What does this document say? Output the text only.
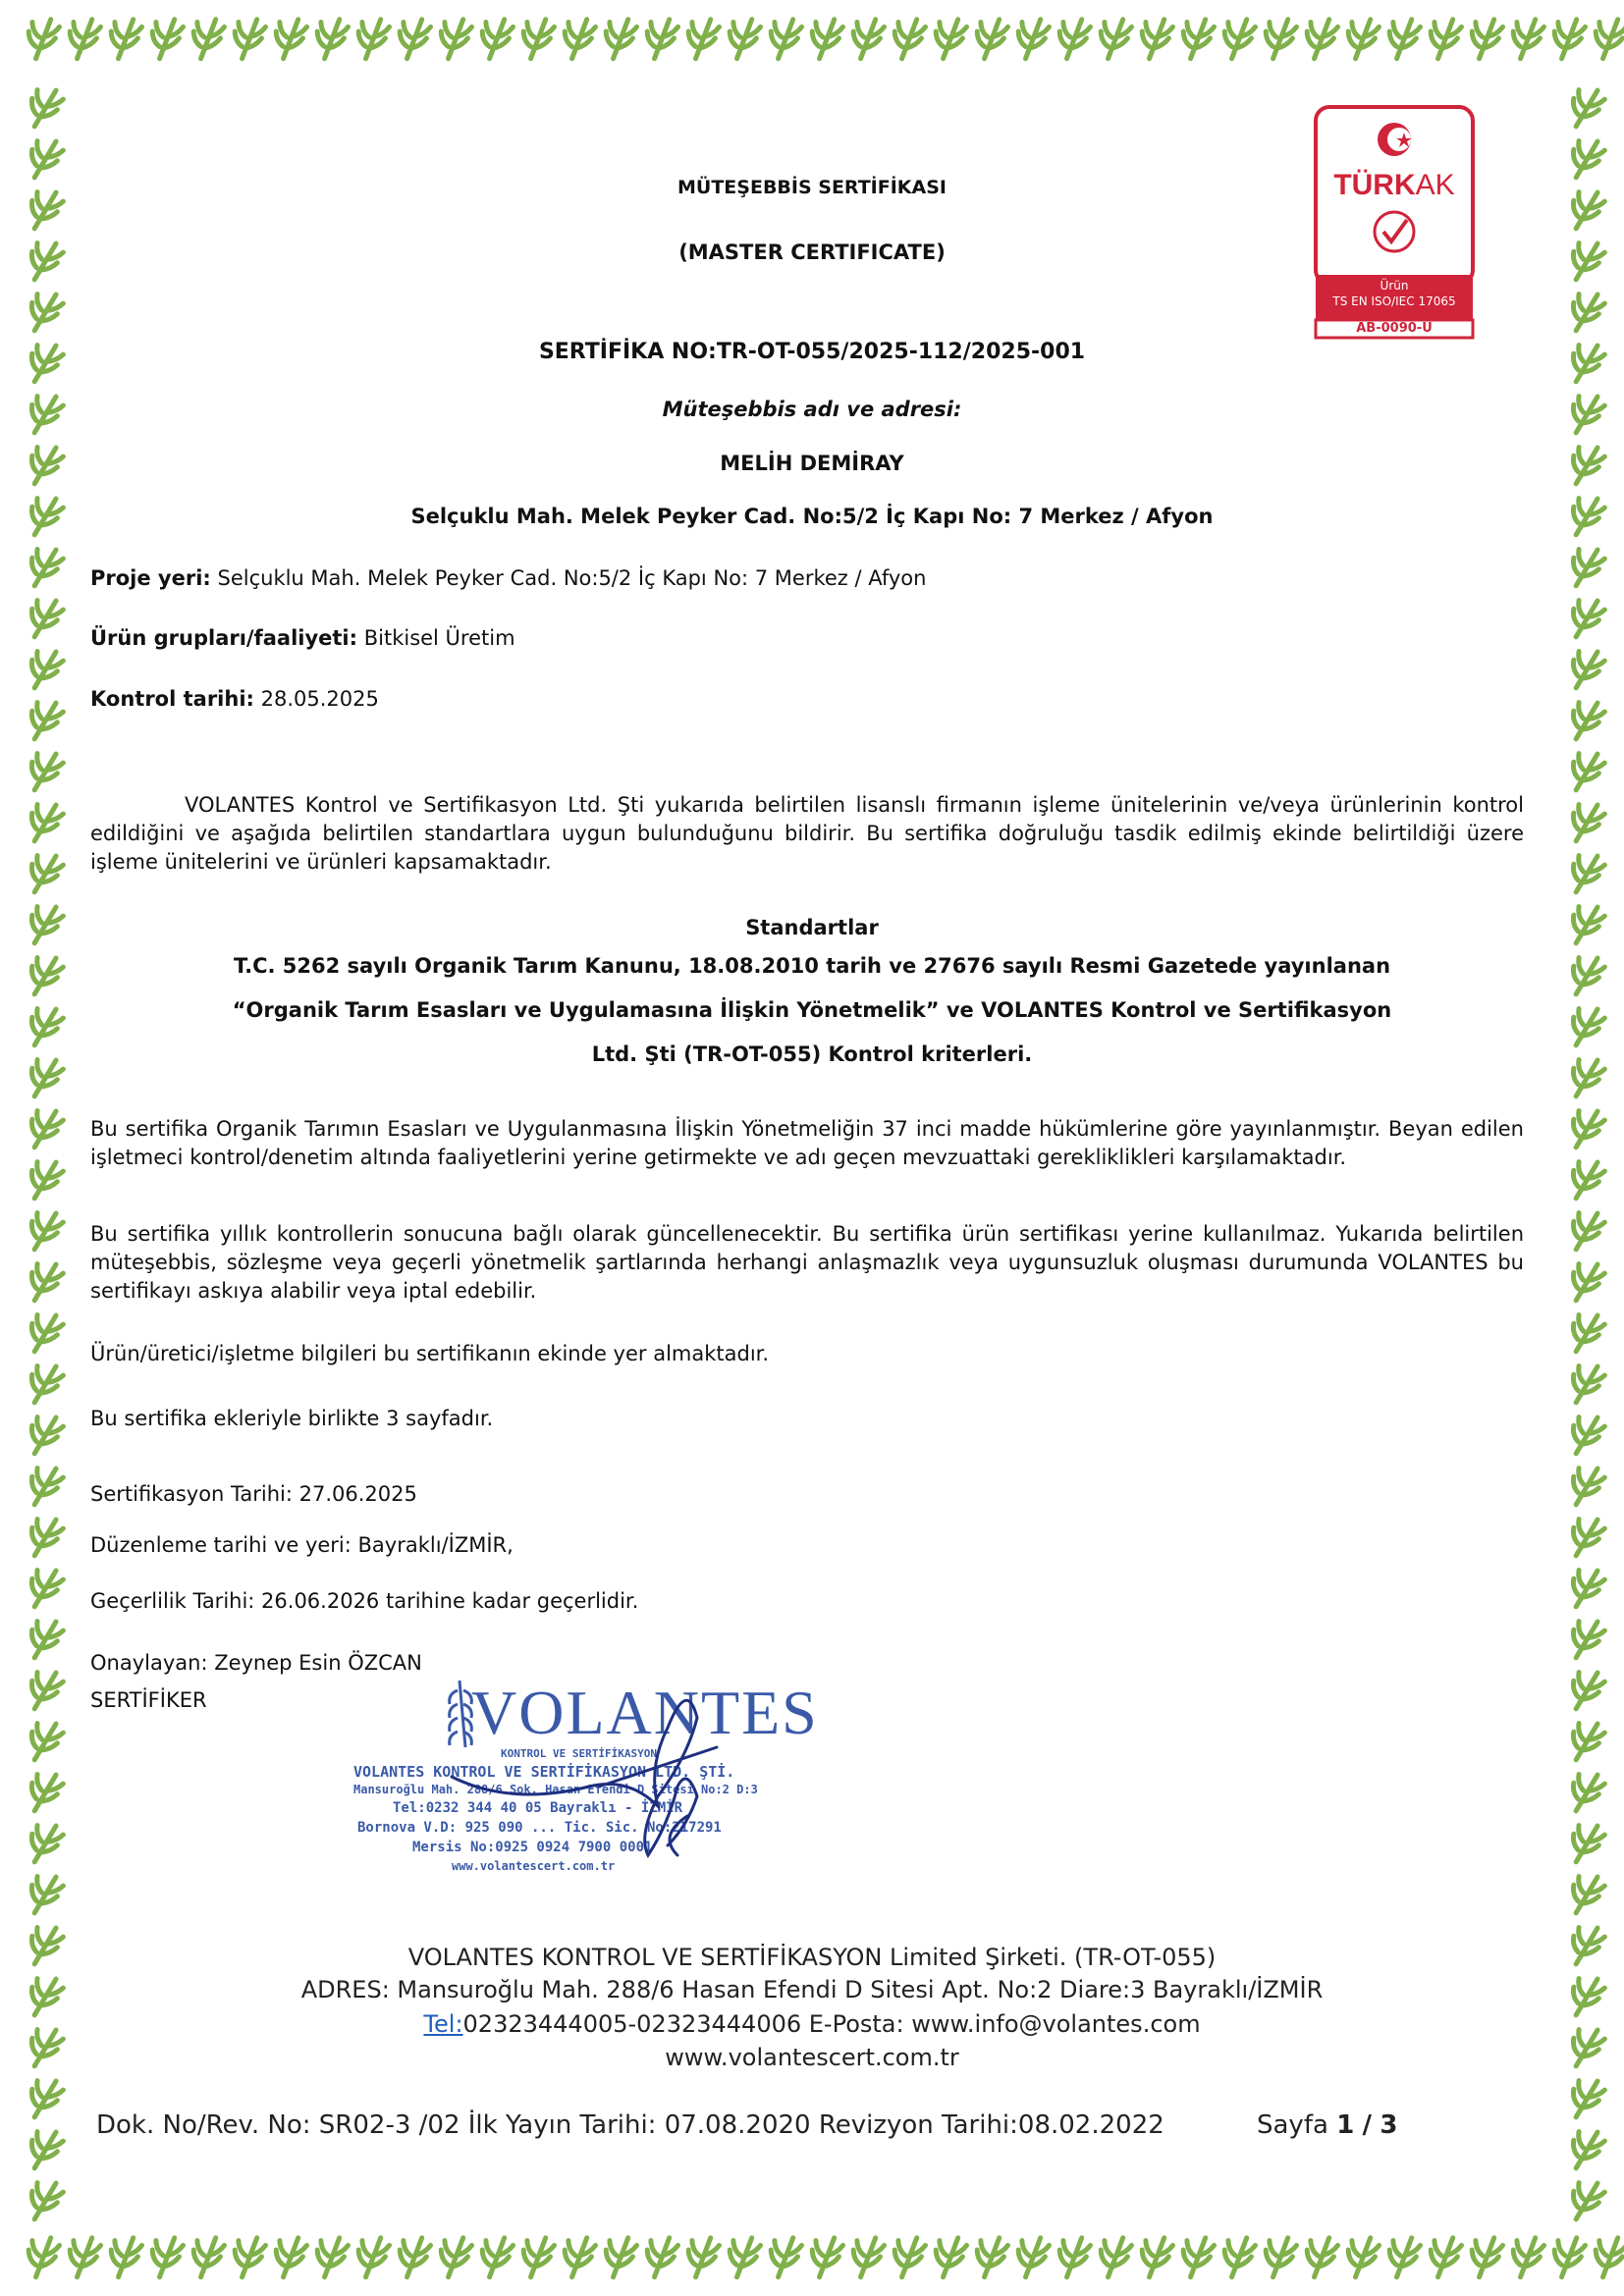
TÜRKAK
Ürün
TS EN ISO/IEC 17065
AB-0090-U
MÜTEŞEBBİS SERTİFİKASI
(MASTER CERTIFICATE)
SERTİFİKA NO:TR-OT-055/2025-112/2025-001
Müteşebbis adı ve adresi:
MELİH DEMİRAY
Selçuklu Mah. Melek Peyker Cad. No:5/2 İç Kapı No: 7 Merkez / Afyon
Proje yeri: Selçuklu Mah. Melek Peyker Cad. No:5/2 İç Kapı No: 7 Merkez / Afyon
Ürün grupları/faaliyeti: Bitkisel Üretim
Kontrol tarihi: 28.05.2025
VOLANTES Kontrol ve Sertifikasyon Ltd. Şti yukarıda belirtilen lisanslı firmanın işleme ünitelerinin ve/veya ürünlerinin kontrol edildiğini ve aşağıda belirtilen standartlara uygun bulunduğunu bildirir. Bu sertifika doğruluğu tasdik edilmiş ekinde belirtildiği üzere işleme ünitelerini ve ürünleri kapsamaktadır.
Standartlar
T.C. 5262 sayılı Organik Tarım Kanunu, 18.08.2010 tarih ve 27676 sayılı Resmi Gazetede yayınlanan
“Organik Tarım Esasları ve Uygulamasına İlişkin Yönetmelik” ve VOLANTES Kontrol ve Sertifikasyon
Ltd. Şti (TR-OT-055) Kontrol kriterleri.
Bu sertifika Organik Tarımın Esasları ve Uygulanmasına İlişkin Yönetmeliğin 37 inci madde hükümlerine göre yayınlanmıştır. Beyan edilen işletmeci kontrol/denetim altında faaliyetlerini yerine getirmekte ve adı geçen mevzuattaki gerekliklikleri karşılamaktadır.
Bu sertifika yıllık kontrollerin sonucuna bağlı olarak güncellenecektir. Bu sertifika ürün sertifikası yerine kullanılmaz. Yukarıda belirtilen müteşebbis, sözleşme veya geçerli yönetmelik şartlarında herhangi anlaşmazlık veya uygunsuzluk oluşması durumunda VOLANTES bu sertifikayı askıya alabilir veya iptal edebilir.
Ürün/üretici/işletme bilgileri bu sertifikanın ekinde yer almaktadır.
Bu sertifika ekleriyle birlikte 3 sayfadır.
Sertifikasyon Tarihi: 27.06.2025
Düzenleme tarihi ve yeri: Bayraklı/İZMİR,
Geçerlilik Tarihi: 26.06.2026 tarihine kadar geçerlidir.
Onaylayan: Zeynep Esin ÖZCAN
SERTİFİKER	VOLANTES
KONTROL VE SERTİFİKASYON
VOLANTES KONTROL VE SERTİFİKASYON LTD. ŞTİ.
Mansuroğlu Mah. 288/6 Sok. Hasan Efendi D Sitesi No:2 D:3
Tel:0232 344 40 05 Bayraklı - İZMİR
Bornova V.D: 925 090 ... Tic. Sic. No:217291
Mersis No:0925 0924 7900 0001
www.volantescert.com.tr
VOLANTES KONTROL VE SERTİFİKASYON Limited Şirketi. (TR-OT-055)
ADRES: Mansuroğlu Mah. 288/6 Hasan Efendi D Sitesi Apt. No:2 Diare:3 Bayraklı/İZMİR
Tel:02323444005-02323444006 E-Posta: www.info@volantes.com
www.volantescert.com.tr
Dok. No/Rev. No: SR02-3 /02 İlk Yayın Tarihi: 07.08.2020 Revizyon Tarihi:08.02.2022	Sayfa 1 / 3
